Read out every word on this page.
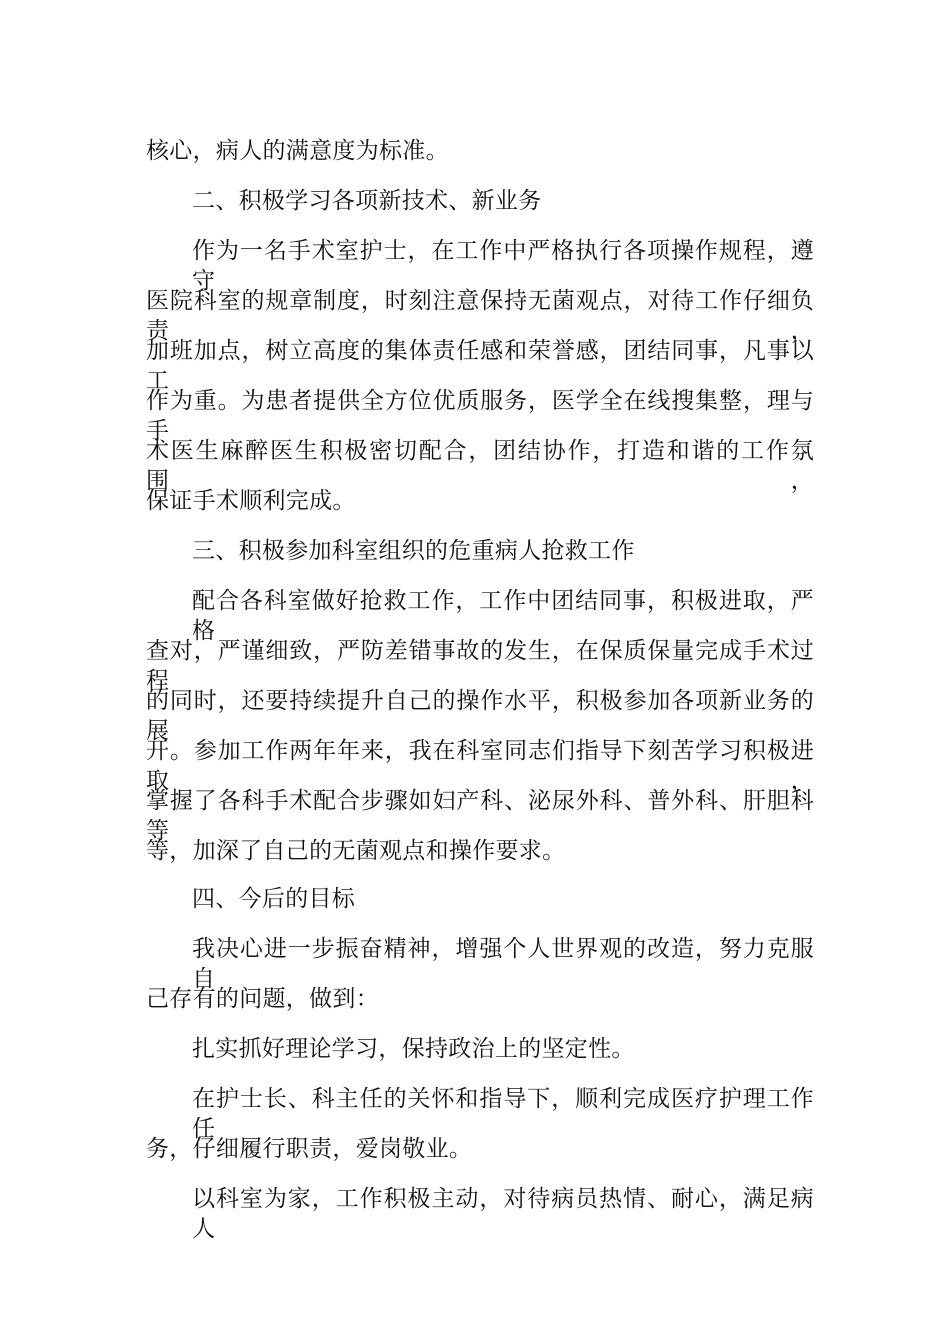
核心，病人的满意度为标准。
二、积极学习各项新技术、新业务
作为一名手术室护士，在工作中严格执行各项操作规程，遵守
医院科室的规章制度，时刻注意保持无菌观点，对待工作仔细负责，
加班加点，树立高度的集体责任感和荣誉感，团结同事，凡事以工
作为重。为患者提供全方位优质服务，医学全在线搜集整，理与手
术医生麻醉医生积极密切配合，团结协作，打造和谐的工作氛围，
保证手术顺利完成。
三、积极参加科室组织的危重病人抢救工作
配合各科室做好抢救工作，工作中团结同事，积极进取，严格
查对，严谨细致，严防差错事故的发生，在保质保量完成手术过程
的同时，还要持续提升自己的操作水平，积极参加各项新业务的展
开。参加工作两年年来，我在科室同志们指导下刻苦学习积极进取，
掌握了各科手术配合步骤如妇产科、泌尿外科、普外科、肝胆科等
等，加深了自己的无菌观点和操作要求。
四、今后的目标
我决心进一步振奋精神，增强个人世界观的改造，努力克服自
己存有的问题，做到：
扎实抓好理论学习，保持政治上的坚定性。
在护士长、科主任的关怀和指导下，顺利完成医疗护理工作任
务，仔细履行职责，爱岗敬业。
以科室为家，工作积极主动，对待病员热情、耐心，满足病人
